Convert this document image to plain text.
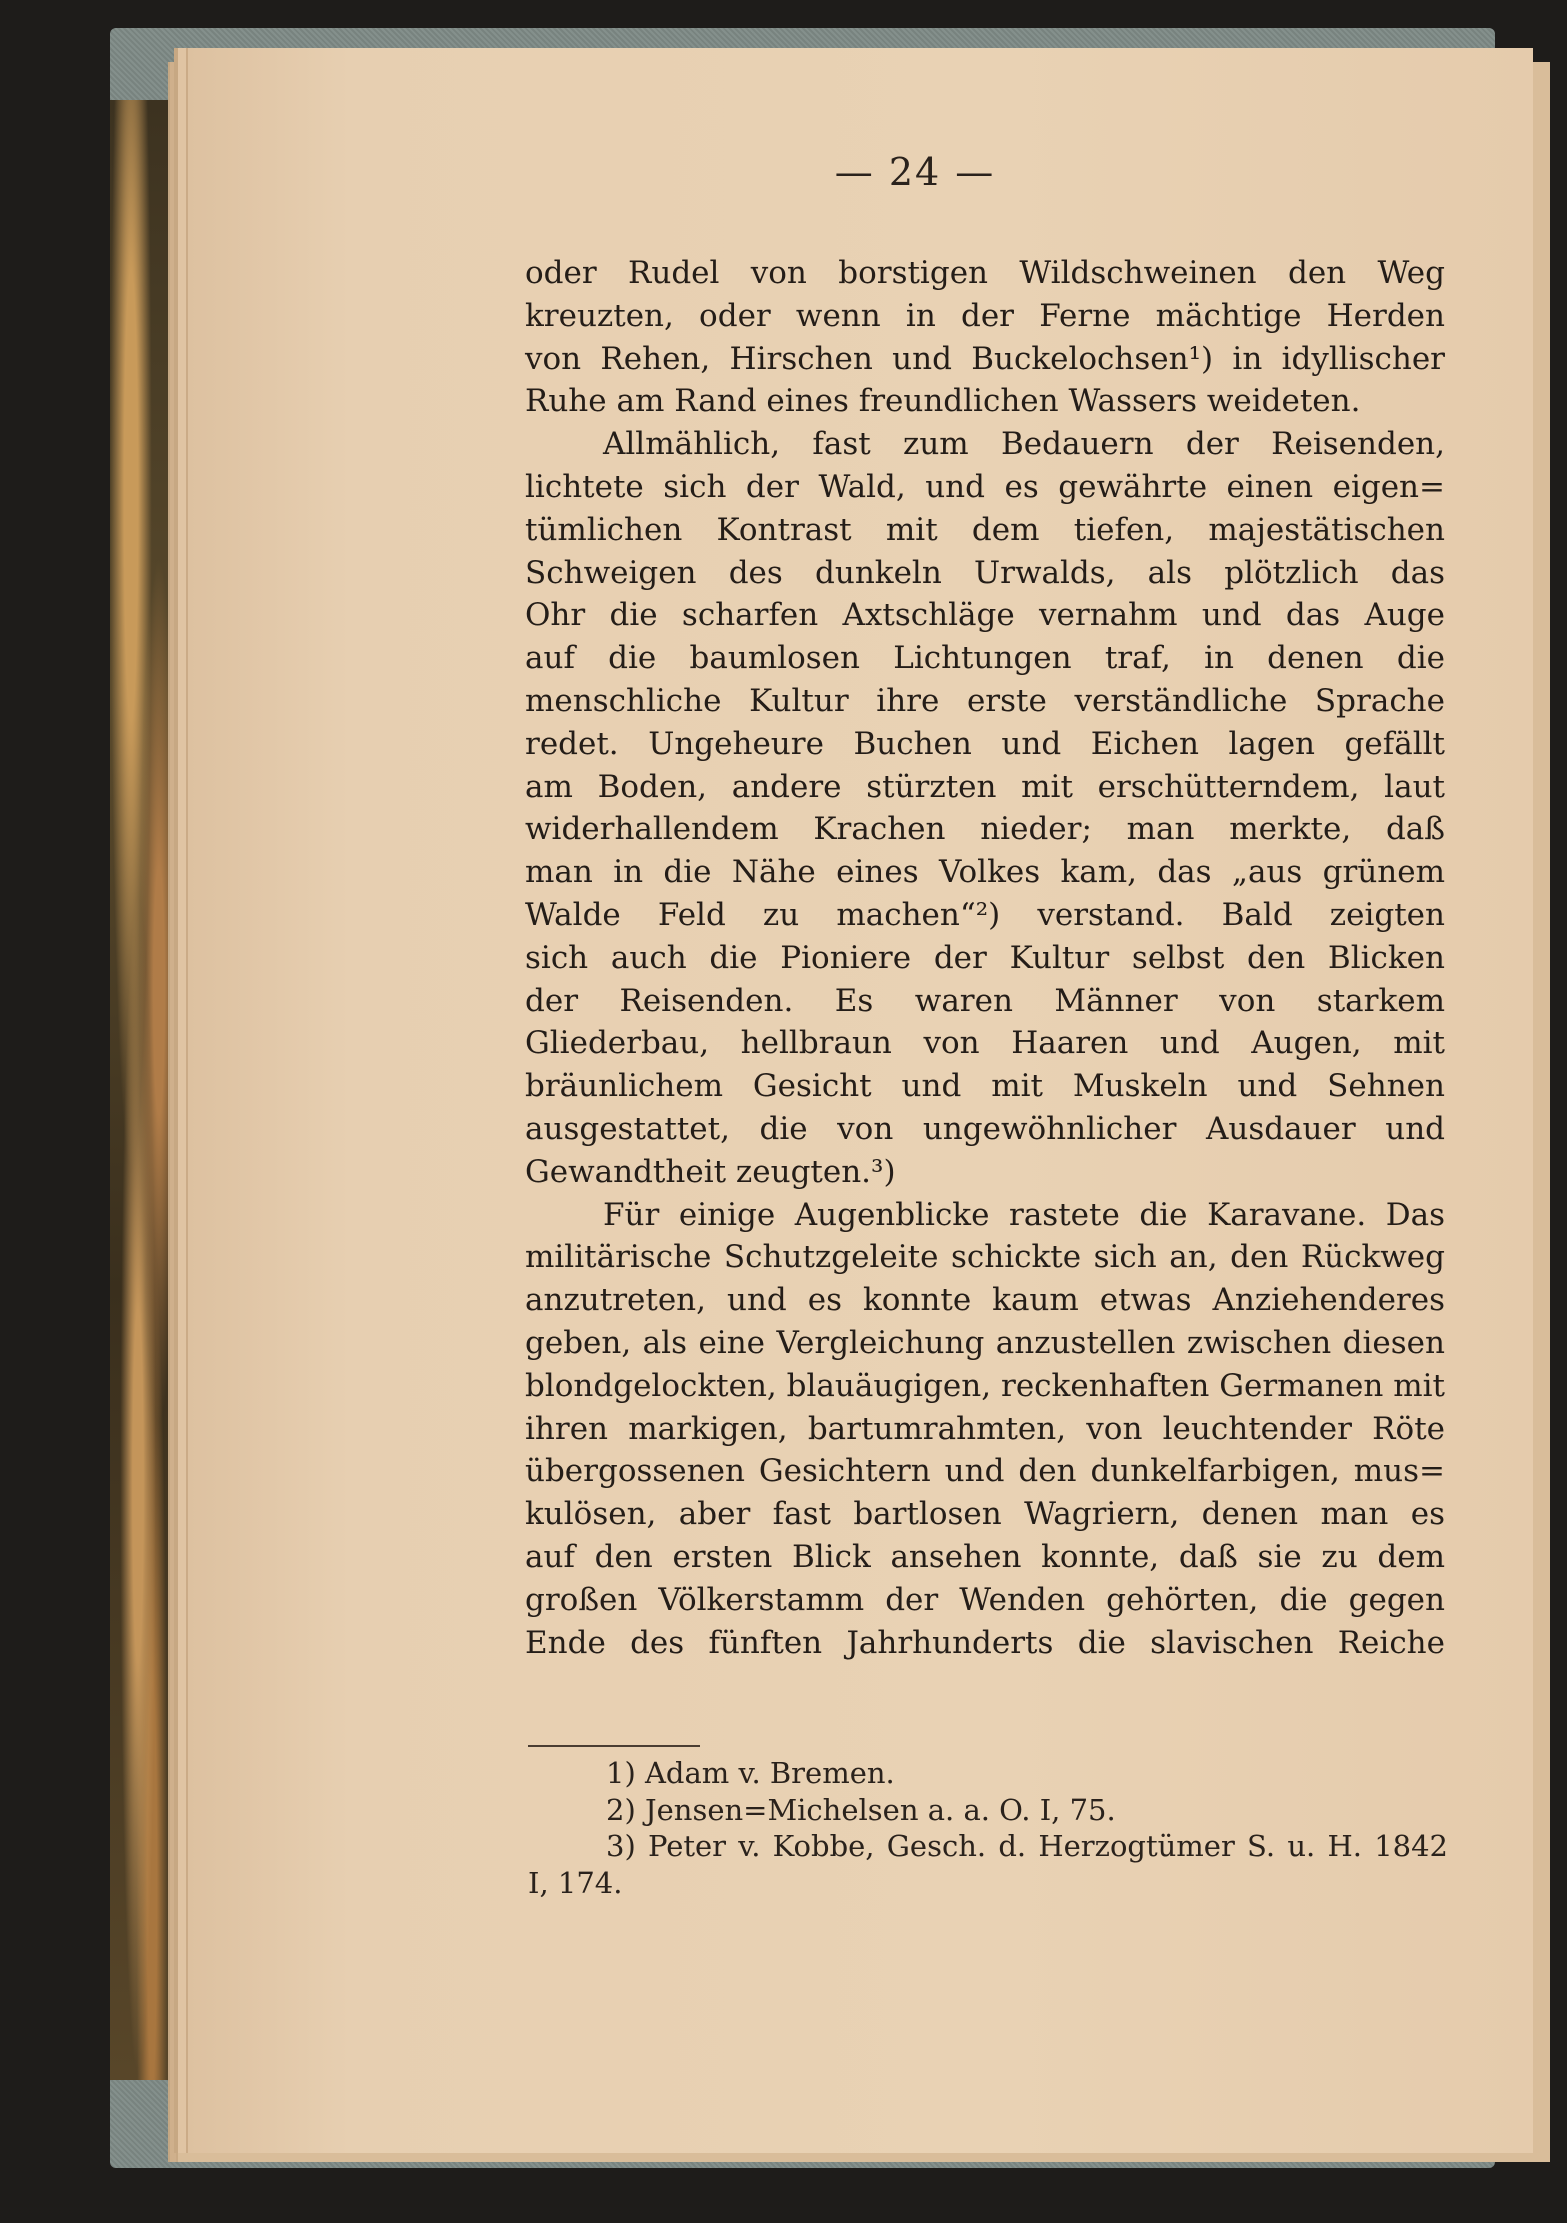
— 24 —
oder Rudel von borstigen Wildschweinen den Weg
kreuzten, oder wenn in der Ferne mächtige Herden
von Rehen, Hirschen und Buckelochsen¹) in idyllischer
Ruhe am Rand eines freundlichen Wassers weideten.
Allmählich, fast zum Bedauern der Reisenden,
lichtete sich der Wald, und es gewährte einen eigen=
tümlichen Kontrast mit dem tiefen, majestätischen
Schweigen des dunkeln Urwalds, als plötzlich das
Ohr die scharfen Axtschläge vernahm und das Auge
auf die baumlosen Lichtungen traf, in denen die
menschliche Kultur ihre erste verständliche Sprache
redet. Ungeheure Buchen und Eichen lagen gefällt
am Boden, andere stürzten mit erschütterndem, laut
widerhallendem Krachen nieder; man merkte, daß
man in die Nähe eines Volkes kam, das „aus grünem
Walde Feld zu machen“²) verstand. Bald zeigten
sich auch die Pioniere der Kultur selbst den Blicken
der Reisenden. Es waren Männer von starkem
Gliederbau, hellbraun von Haaren und Augen, mit
bräunlichem Gesicht und mit Muskeln und Sehnen
ausgestattet, die von ungewöhnlicher Ausdauer und
Gewandtheit zeugten.³)
Für einige Augenblicke rastete die Karavane. Das
militärische Schutzgeleite schickte sich an, den Rückweg
anzutreten, und es konnte kaum etwas Anziehenderes
geben, als eine Vergleichung anzustellen zwischen diesen
blondgelockten, blauäugigen, reckenhaften Germanen mit
ihren markigen, bartumrahmten, von leuchtender Röte
übergossenen Gesichtern und den dunkelfarbigen, mus=
kulösen, aber fast bartlosen Wagriern, denen man es
auf den ersten Blick ansehen konnte, daß sie zu dem
großen Völkerstamm der Wenden gehörten, die gegen
Ende des fünften Jahrhunderts die slavischen Reiche
1) Adam v. Bremen.
2) Jensen=Michelsen a. a. O. I, 75.
3) Peter v. Kobbe, Gesch. d. Herzogtümer S. u. H. 1842
I, 174.
